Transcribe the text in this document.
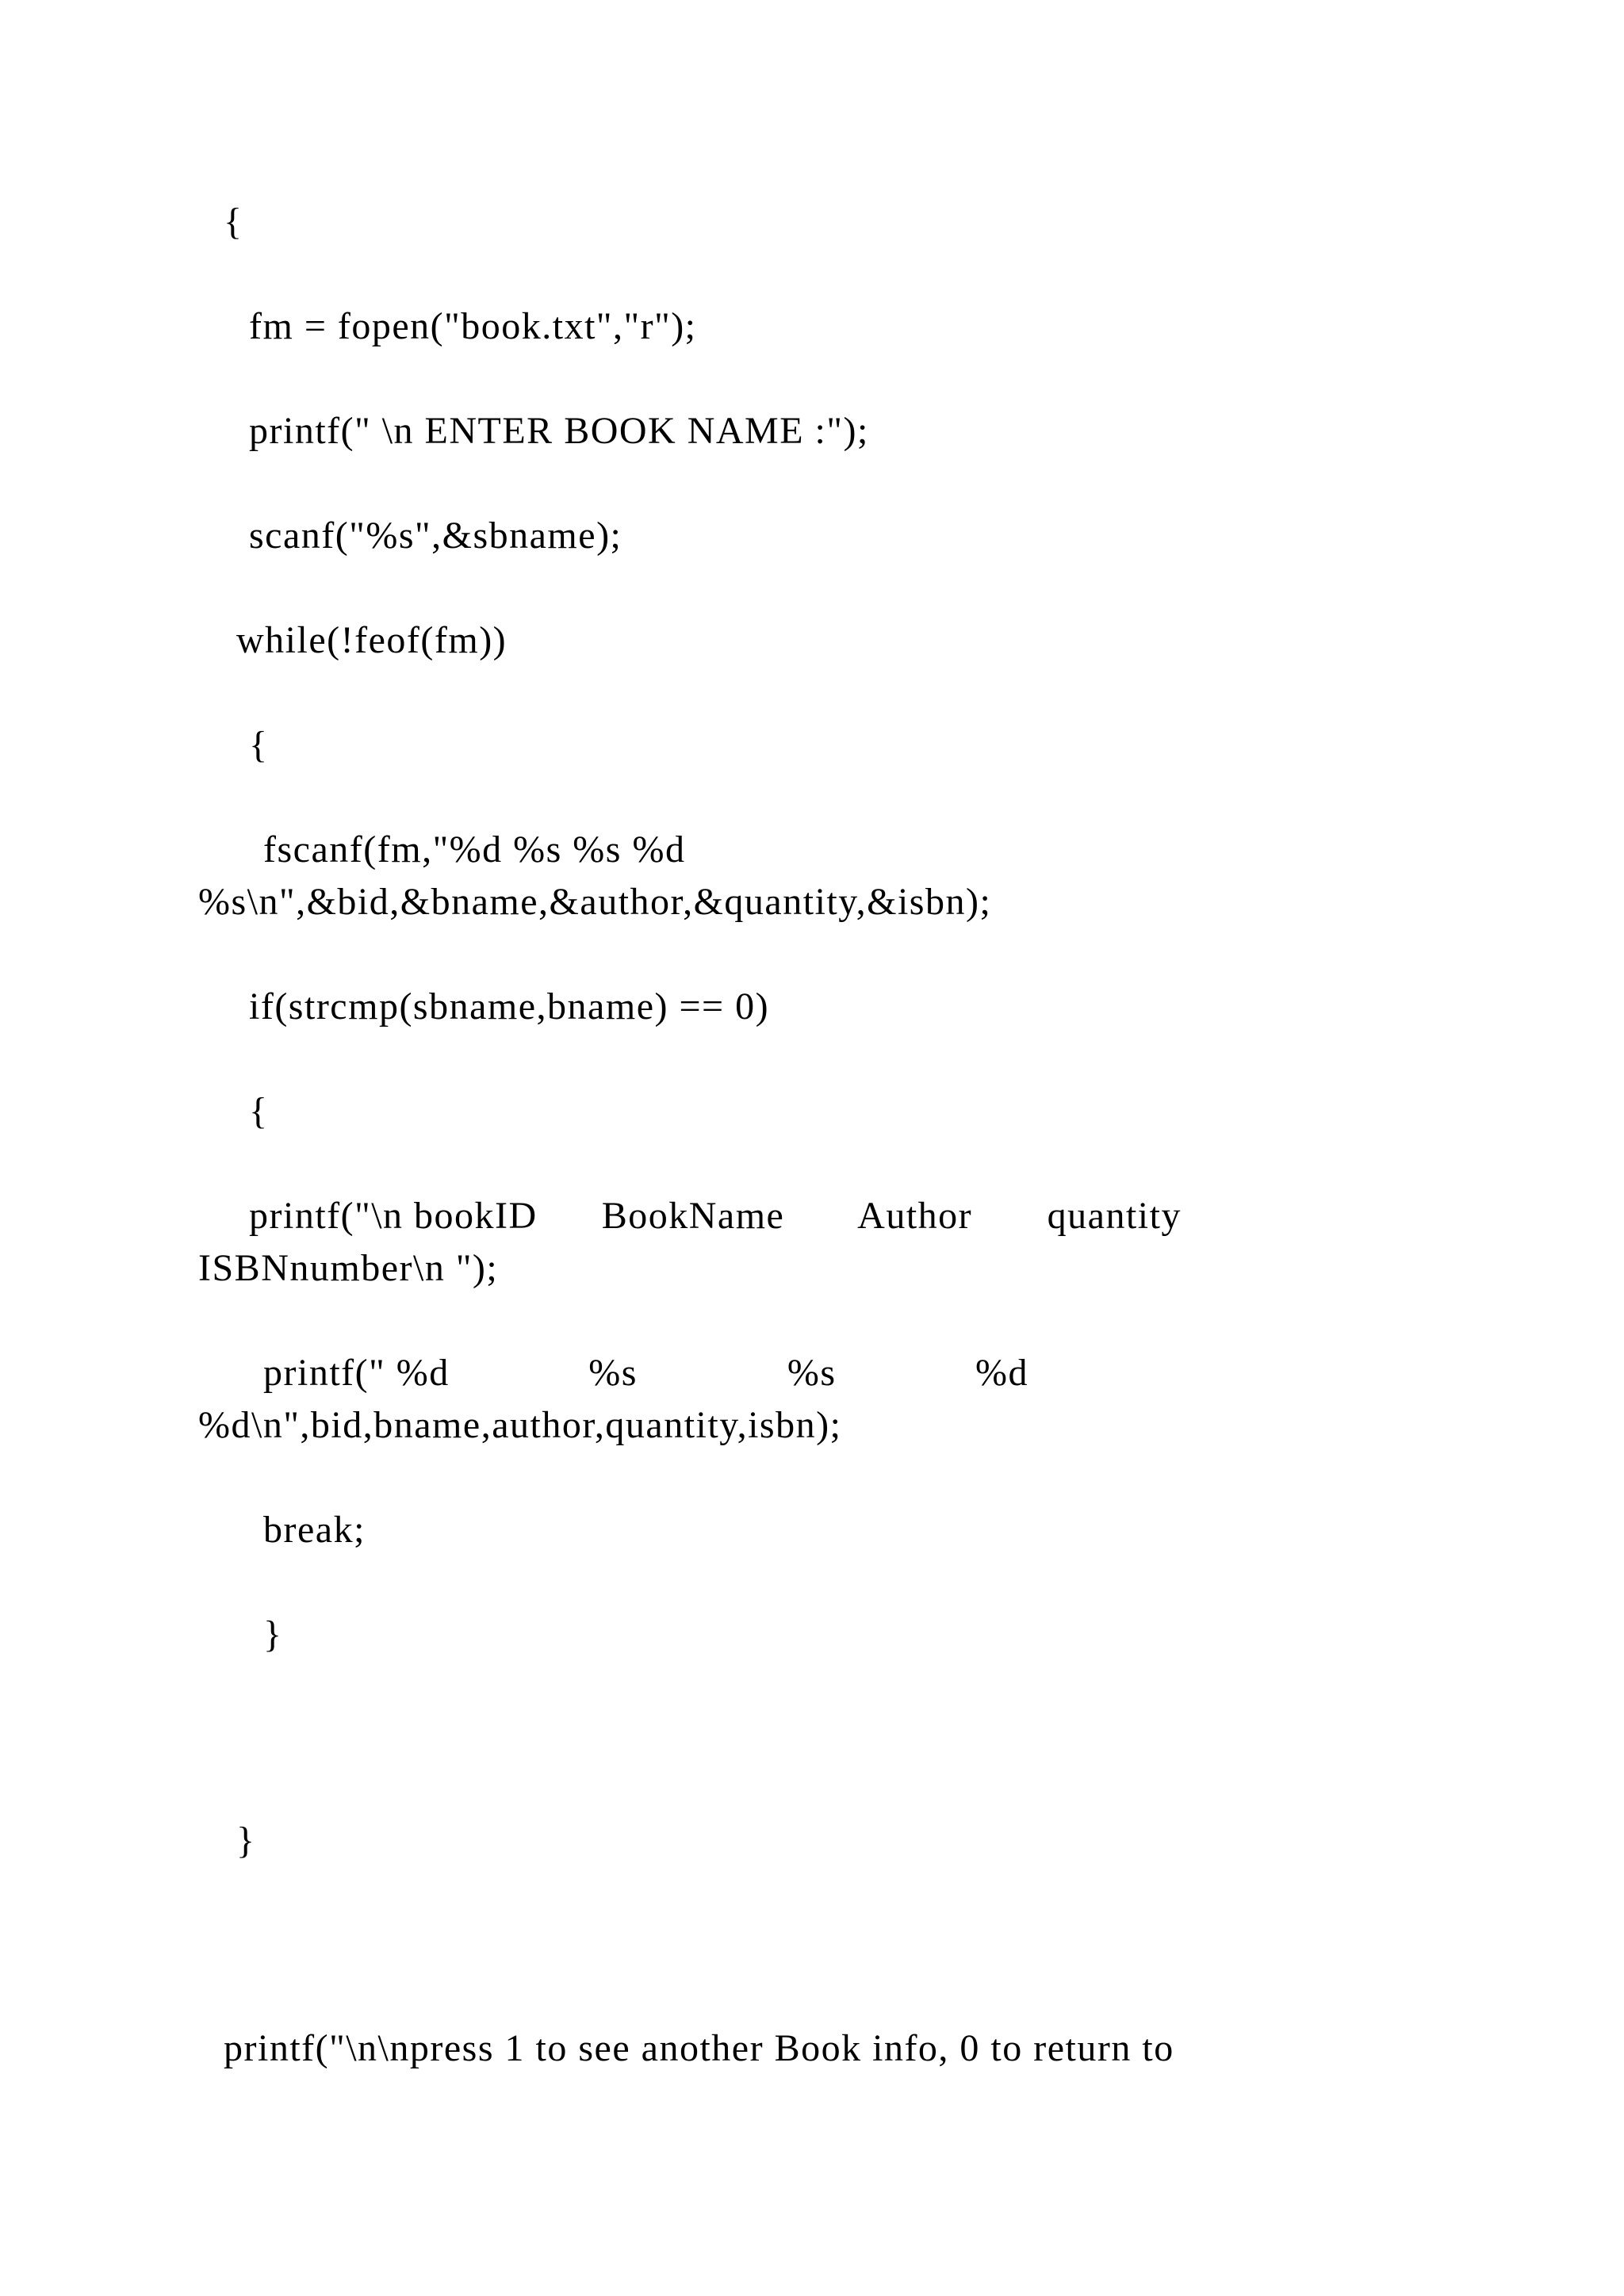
{

fm = fopen("book.txt","r");

printf(" \n ENTER BOOK NAME :");

scanf("%s",&sbname);

while(!feof(fm))

{

fscanf(fm,"%d %s %s %d

%s\n",&bid,&bname,&author,&quantity,&isbn);

if(strcmp(sbname,bname) == 0)

{

printf("\n bookID      BookName       Author       quantity

ISBNnumber\n ");

printf(" %d             %s              %s             %d

%d\n",bid,bname,author,quantity,isbn);

break;

}

}

printf("\n\npress 1 to see another Book info, 0 to return to
